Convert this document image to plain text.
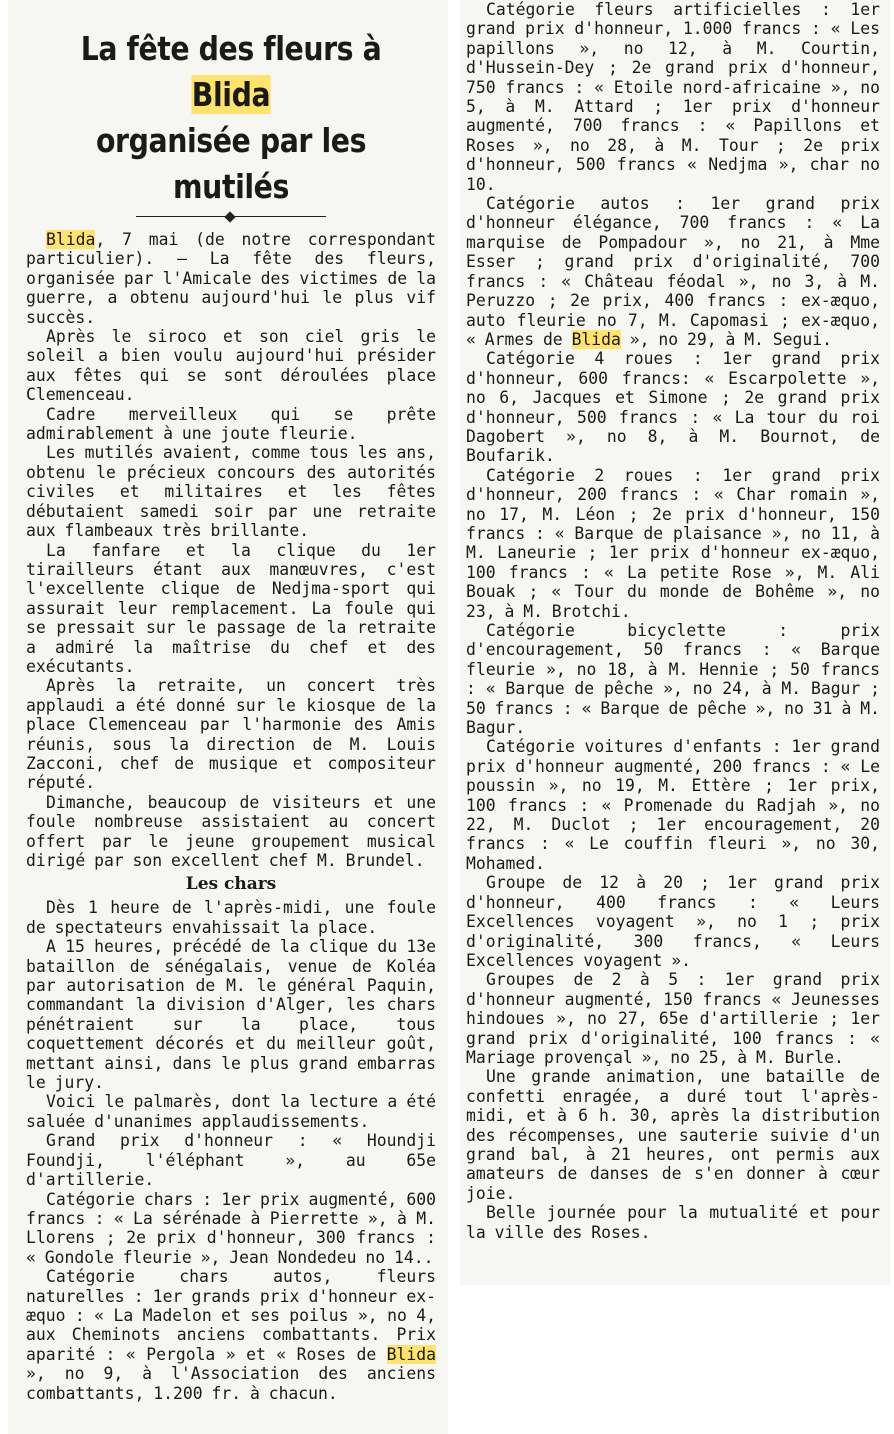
La fête des fleurs à Blida
organisée par les mutilés

Blida, 7 mai (de notre correspondant particulier). — La fête des fleurs, organisée par l'Amicale des victimes de la guerre, a obtenu aujourd'hui le plus vif succès.

Après le siroco et son ciel gris le soleil a bien voulu aujourd'hui présider aux fêtes qui se sont déroulées place Clemenceau.

Cadre merveilleux qui se prête admirablement à une joute fleurie.

Les mutilés avaient, comme tous les ans, obtenu le précieux concours des autorités civiles et militaires et les fêtes débutaient samedi soir par une retraite aux flambeaux très brillante.

La fanfare et la clique du 1er tirailleurs étant aux manœuvres, c'est l'excellente clique de Nedjma-sport qui assurait leur remplacement. La foule qui se pressait sur le passage de la retraite a admiré la maîtrise du chef et des exécutants.

Après la retraite, un concert très applaudi a été donné sur le kiosque de la place Clemenceau par l'harmonie des Amis réunis, sous la direction de M. Louis Zacconi, chef de musique et compositeur réputé.

Dimanche, beaucoup de visiteurs et une foule nombreuse assistaient au concert offert par le jeune groupement musical dirigé par son excellent chef M. Brundel.

Les chars

Dès 1 heure de l'après-midi, une foule de spectateurs envahissait la place.

A 15 heures, précédé de la clique du 13e bataillon de sénégalais, venue de Koléa par autorisation de M. le général Paquin, commandant la division d'Alger, les chars pénétraient sur la place, tous coquettement décorés et du meilleur goût, mettant ainsi, dans le plus grand embarras le jury.

Voici le palmarès, dont la lecture a été saluée d'unanimes applaudissements.

Grand prix d'honneur : « Houndji Foundji, l'éléphant », au 65e d'artillerie.

Catégorie chars : 1er prix augmenté, 600 francs : « La sérénade à Pierrette », à M. Llorens ; 2e prix d'honneur, 300 francs : « Gondole fleurie », Jean Nondedeu no 14..

Catégorie chars autos, fleurs naturelles : 1er grands prix d'honneur ex-æquo : « La Madelon et ses poilus », no 4, aux Cheminots anciens combattants. Prix aparité : « Pergola » et « Roses de Blida », no 9, à l'Association des anciens combattants, 1.200 fr. à chacun.

Catégorie fleurs artificielles : 1er grand prix d'honneur, 1.000 francs : « Les papillons », no 12, à M. Courtin, d'Hussein-Dey ; 2e grand prix d'honneur, 750 francs : « Etoile nord-africaine », no 5, à M. Attard ; 1er prix d'honneur augmenté, 700 francs : « Papillons et Roses », no 28, à M. Tour ; 2e prix d'honneur, 500 francs « Nedjma », char no 10.

Catégorie autos : 1er grand prix d'honneur élégance, 700 francs : « La marquise de Pompadour », no 21, à Mme Esser ; grand prix d'originalité, 700 francs : « Château féodal », no 3, à M. Peruzzo ; 2e prix, 400 francs : ex-æquo, auto fleurie no 7, M. Capomasi ; ex-æquo, « Armes de Blida », no 29, à M. Segui.

Catégorie 4 roues : 1er grand prix d'honneur, 600 francs: « Escarpolette », no 6, Jacques et Simone ; 2e grand prix d'honneur, 500 francs : « La tour du roi Dagobert », no 8, à M. Bournot, de Boufarik.

Catégorie 2 roues : 1er grand prix d'honneur, 200 francs : « Char romain », no 17, M. Léon ; 2e prix d'honneur, 150 francs : « Barque de plaisance », no 11, à M. Laneurie ; 1er prix d'honneur ex-æquo, 100 francs : « La petite Rose », M. Ali Bouak ; « Tour du monde de Bohême », no 23, à M. Brotchi.

Catégorie bicyclette : prix d'encouragement, 50 francs : « Barque fleurie », no 18, à M. Hennie ; 50 francs : « Barque de pêche », no 24, à M. Bagur ; 50 francs : « Barque de pêche », no 31 à M. Bagur.

Catégorie voitures d'enfants : 1er grand prix d'honneur augmenté, 200 francs : « Le poussin », no 19, M. Ettère ; 1er prix, 100 francs : « Promenade du Radjah », no 22, M. Duclot ; 1er encouragement, 20 francs : « Le couffin fleuri », no 30, Mohamed.

Groupe de 12 à 20 ; 1er grand prix d'honneur, 400 francs : « Leurs Excellences voyagent », no 1 ; prix d'originalité, 300 francs, « Leurs Excellences voyagent ».

Groupes de 2 à 5 : 1er grand prix d'honneur augmenté, 150 francs « Jeunesses hindoues », no 27, 65e d'artillerie ; 1er grand prix d'originalité, 100 francs : « Mariage provençal », no 25, à M. Burle.

Une grande animation, une bataille de confetti enragée, a duré tout l'après-midi, et à 6 h. 30, après la distribution des récompenses, une sauterie suivie d'un grand bal, à 21 heures, ont permis aux amateurs de danses de s'en donner à cœur joie.

Belle journée pour la mutualité et pour la ville des Roses.
